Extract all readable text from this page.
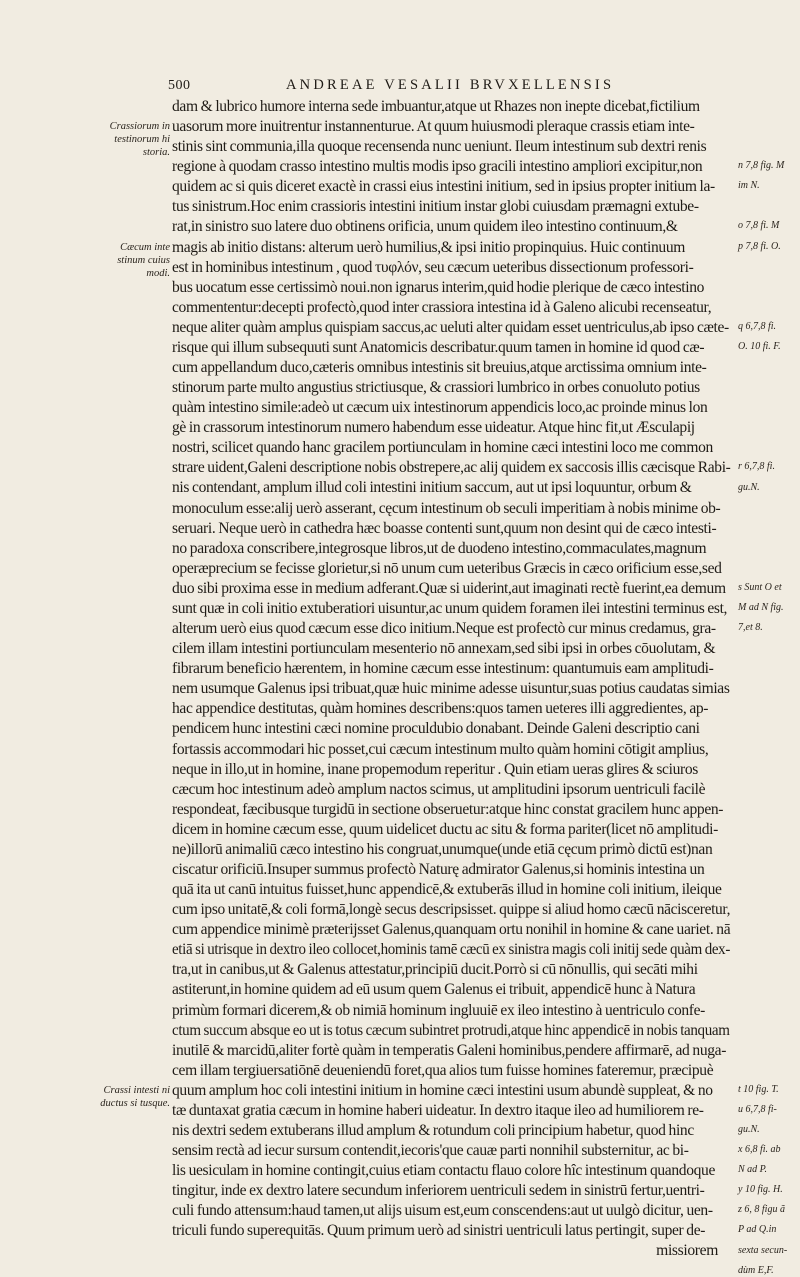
500	ANDREAE VESALII BRVXELLENSIS
dam & lubrico humore interna sede imbuantur,atque ut Rhazes non inepte dicebat,fictilium
uasorum more inuitrentur instannenturue. At quum huiusmodi pleraque crassis etiam inte-
stinis sint communia,illa quoque recensenda nunc ueniunt. Ileum intestinum sub dextri renis
regione à quodam crasso intestino multis modis ipso gracili intestino ampliori excipitur,non
quidem ac si quis diceret exactè in crassi eius intestini initium, sed in ipsius propter initium la-
tus sinistrum.Hoc enim crassioris intestini initium instar globi cuiusdam præmagni extube-
rat,in sinistro suo latere duo obtinens orificia, unum quidem ileo intestino continuum,&
magis ab initio distans: alterum uerò humilius,& ipsi initio propinquius. Huic continuum
est in hominibus intestinum , quod τυφλόν, seu cæcum ueteribus dissectionum professori-
bus uocatum esse certissimò noui.non ignarus interim,quid hodie plerique de cæco intestino
commententur:decepti profectò,quod inter crassiora intestina id à Galeno alicubi recenseatur,
neque aliter quàm amplus quispiam saccus,ac ueluti alter quidam esset uentriculus,ab ipso cæte-
risque qui illum subsequuti sunt Anatomicis describatur.quum tamen in homine id quod cæ-
cum appellandum duco,cæteris omnibus intestinis sit breuius,atque arctissima omnium inte-
stinorum parte multo angustius strictiusque, & crassiori lumbrico in orbes conuoluto potius
quàm intestino simile:adeò ut cæcum uix intestinorum appendicis loco,ac proinde minus lon
gè in crassorum intestinorum numero habendum esse uideatur. Atque hinc fit,ut Æsculapij
nostri, scilicet quando hanc gracilem portiunculam in homine cæci intestini loco me common
strare uident,Galeni descriptione nobis obstrepere,ac alij quidem ex saccosis illis cæcisque Rabi-
nis contendant, amplum illud coli intestini initium saccum, aut ut ipsi loquuntur, orbum &
monoculum esse:alij uerò asserant, cęcum intestinum ob seculi imperitiam à nobis minime ob-
seruari. Neque uerò in cathedra hæc boasse contenti sunt,quum non desint qui de cæco intesti-
no paradoxa conscribere,integrosque libros,ut de duodeno intestino,commaculates,magnum
operæprecium se fecisse glorietur,si nō unum cum ueteribus Græcis in cæco orificium esse,sed
duo sibi proxima esse in medium adferant.Quæ si uiderint,aut imaginati rectè fuerint,ea demum
sunt quæ in coli initio extuberatiori uisuntur,ac unum quidem foramen ilei intestini terminus est,
alterum uerò eius quod cæcum esse dico initium.Neque est profectò cur minus credamus, gra-
cilem illam intestini portiunculam mesenterio nō annexam,sed sibi ipsi in orbes cōuolutam, &
fibrarum beneficio hærentem, in homine cæcum esse intestinum: quantumuis eam amplitudi-
nem usumque Galenus ipsi tribuat,quæ huic minime adesse uisuntur,suas potius caudatas simias
hac appendice destitutas, quàm homines describens:quos tamen ueteres illi aggredientes, ap-
pendicem hunc intestini cæci nomine proculdubio donabant. Deinde Galeni descriptio cani
fortassis accommodari hic posset,cui cæcum intestinum multo quàm homini cōtigit amplius,
neque in illo,ut in homine, inane propemodum reperitur . Quin etiam ueras glires & sciuros
cæcum hoc intestinum adeò amplum nactos scimus, ut amplitudini ipsorum uentriculi facilè
respondeat, fæcibusque turgidū in sectione obseruetur:atque hinc constat gracilem hunc appen-
dicem in homine cæcum esse, quum uidelicet ductu ac situ & forma pariter(licet nō amplitudi-
ne)illorū animaliū cæco intestino his congruat,unumque(unde etiā cęcum primò dictū est)nan
ciscatur orificiū.Insuper summus profectò Naturę admirator Galenus,si hominis intestina un
quā ita ut canū intuitus fuisset,hunc appendicē,& extuberās illud in homine coli initium, ileique
cum ipso unitatē,& coli formā,longè secus descripsisset. quippe si aliud homo cæcū nācisceretur,
cum appendice minimè præterijsset Galenus,quanquam ortu nonihil in homine & cane uariet. nā
etiā si utrisque in dextro ileo collocet,hominis tamē cæcū ex sinistra magis coli initij sede quàm dex-
tra,ut in canibus,ut & Galenus attestatur,principiū ducit.Porrò si cū nōnullis, qui secāti mihi
astiterunt,in homine quidem ad eū usum quem Galenus ei tribuit, appendicē hunc à Natura
primùm formari dicerem,& ob nimiā hominum ingluuiē ex ileo intestino à uentriculo confe-
ctum succum absque eo ut is totus cæcum subintret protrudi,atque hinc appendicē in nobis tanquam
inutilē & marcidū,aliter fortè quàm in temperatis Galeni hominibus,pendere affirmarē, ad nuga-
cem illam tergiuersatiōnē deueniendū foret,qua alios tum fuisse homines fateremur, præcipuè
quum amplum hoc coli intestini initium in homine cæci intestini usum abundè suppleat, & no
tæ duntaxat gratia cæcum in homine haberi uideatur. In dextro itaque ileo ad humiliorem re-
nis dextri sedem extuberans illud amplum & rotundum coli principium habetur, quod hinc
sensim rectà ad iecur sursum contendit,iecoris'que cauæ parti nonnihil substernitur, ac bi-
lis uesiculam in homine contingit,cuius etiam contactu flauo colore hîc intestinum quandoque
tingitur, inde ex dextro latere secundum inferiorem uentriculi sedem in sinistrū fertur,uentri-
culi fundo attensum:haud tamen,ut alijs uisum est,eum conscendens:aut ut uulgò dicitur, uen-
triculi fundo superequitās. Quum primum uerò ad sinistri uentriculi latus pertingit, super de-
missiorem
Crassiorum in testinorum hi storia.
Cæcum inte stinum cuius modi.
Crassi intesti ni ductus si tusque.
n 7,8 fig. M
im N.
o 7,8 fi. M
p 7,8 fi. O.
q 6,7,8 fi.
O. 10 fi. F.
r 6,7,8 fi.
gu.N.
s Sunt O et
M ad N fig.
7,et 8.
t 10 fig. T.
u 6,7,8 fi-
gu.N.
x 6,8 fi. ab
N ad P.
y 10 fig. H.
z 6, 8 figu ã
P ad Q.in
sexta secun-
dùm E,F.
